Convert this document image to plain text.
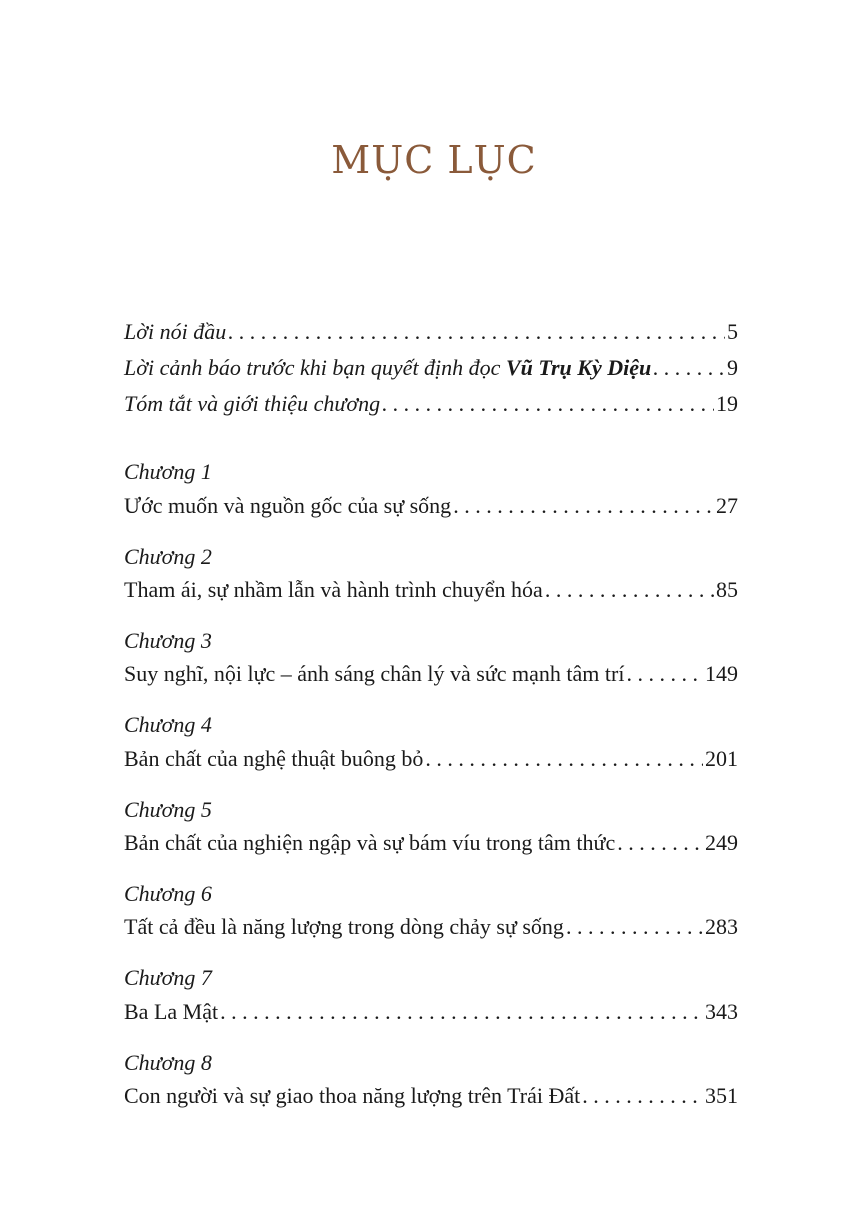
MỤC LỤC
Lời nói đầu . . .	5
Lời cảnh báo trước khi bạn quyết định đọc Vũ Trụ Kỳ Diệu . . .	9
Tóm tắt và giới thiệu chương . . .	19
Chương 1
Ước muốn và nguồn gốc của sự sống . . .	27
Chương 2
Tham ái, sự nhầm lẫn và hành trình chuyển hóa . . .	85
Chương 3
Suy nghĩ, nội lực – ánh sáng chân lý và sức mạnh tâm trí . . .	149
Chương 4
Bản chất của nghệ thuật buông bỏ . . .	201
Chương 5
Bản chất của nghiện ngập và sự bám víu trong tâm thức . . .	249
Chương 6
Tất cả đều là năng lượng trong dòng chảy sự sống . . .	283
Chương 7
Ba La Mật . . .	343
Chương 8
Con người và sự giao thoa năng lượng trên Trái Đất . . .	351
